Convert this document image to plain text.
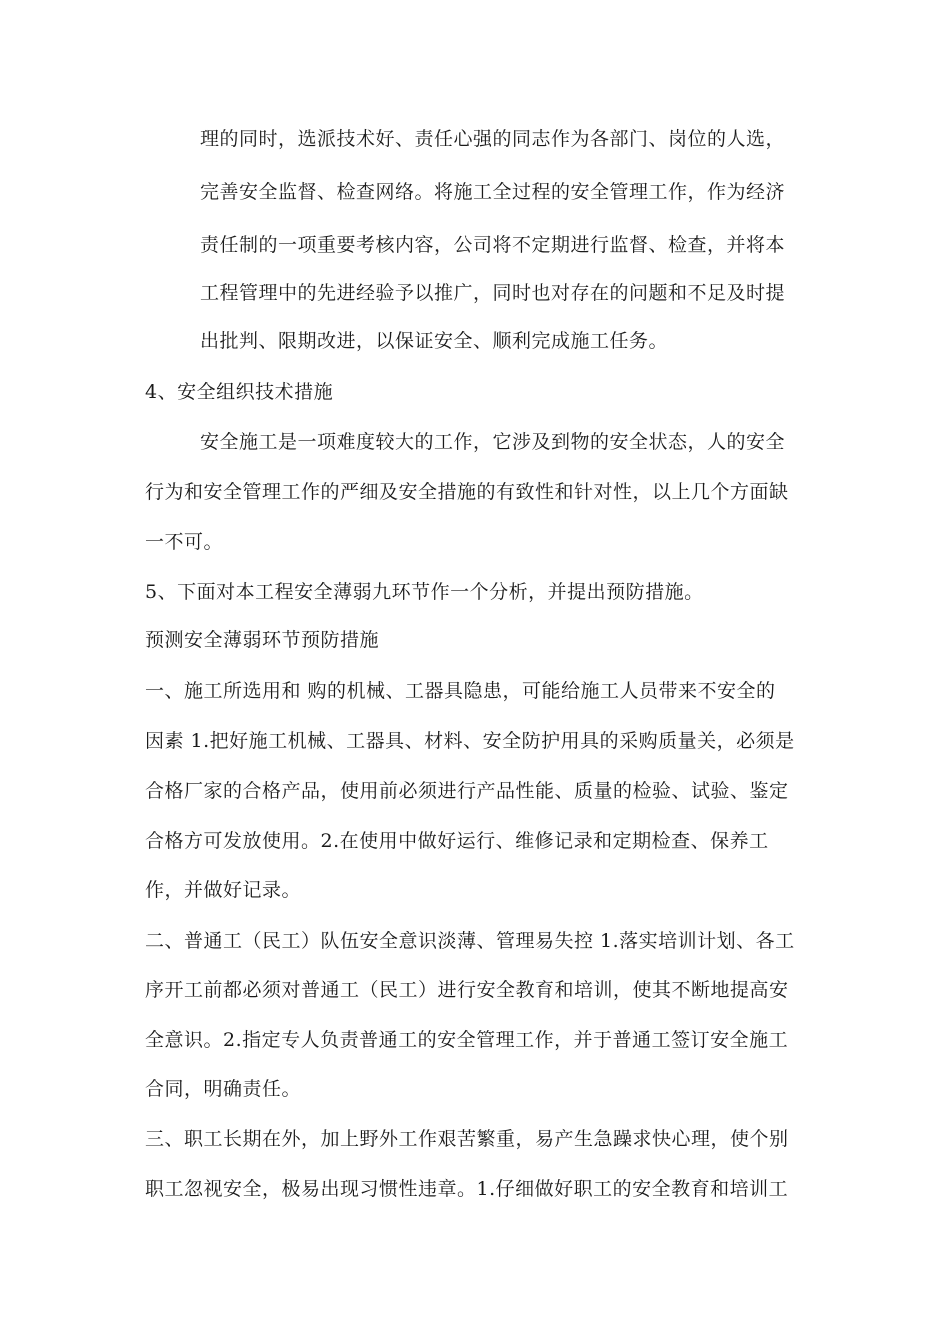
理的同时，选派技术好、责任心强的同志作为各部门、岗位的人选，
完善安全监督、检查网络。将施工全过程的安全管理工作，作为经济
责任制的一项重要考核内容，公司将不定期进行监督、检查，并将本
工程管理中的先进经验予以推广，同时也对存在的问题和不足及时提
出批判、限期改进，以保证安全、顺利完成施工任务。
4、安全组织技术措施
安全施工是一项难度较大的工作，它涉及到物的安全状态，人的安全
行为和安全管理工作的严细及安全措施的有致性和针对性，以上几个方面缺
一不可。
5、下面对本工程安全薄弱九环节作一个分析，并提出预防措施。
预测安全薄弱环节预防措施
一、施工所选用和 购的机械、工器具隐患，可能给施工人员带来不安全的
因素 1.把好施工机械、工器具、材料、安全防护用具的采购质量关，必须是
合格厂家的合格产品，使用前必须进行产品性能、质量的检验、试验、鉴定
合格方可发放使用。2.在使用中做好运行、维修记录和定期检查、保养工
作，并做好记录。
二、普通工（民工）队伍安全意识淡薄、管理易失控 1.落实培训计划、各工
序开工前都必须对普通工（民工）进行安全教育和培训，使其不断地提高安
全意识。2.指定专人负责普通工的安全管理工作，并于普通工签订安全施工
合同，明确责任。
三、职工长期在外，加上野外工作艰苦繁重，易产生急躁求快心理，使个别
职工忽视安全，极易出现习惯性违章。1.仔细做好职工的安全教育和培训工
